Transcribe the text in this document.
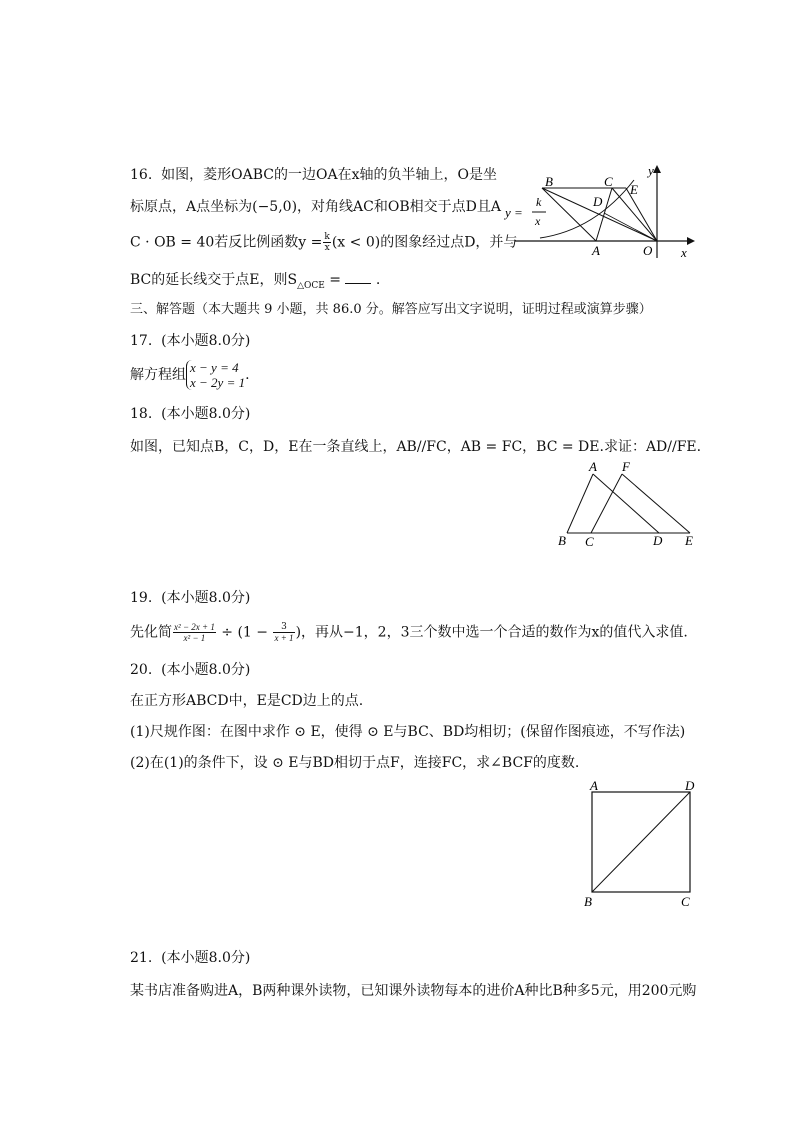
16. 如图，菱形OABC的一边OA在x轴的负半轴上，O是坐
标原点，A点坐标为(−5,0)，对角线AC和OB相交于点D且A
C · OB = 40若反比例函数$y = \frac{k}{x} (x < 0)$的图象经过点D，并与
BC的延长线交于点E，则$S_{\triangle OCE}$ =  .
B	C
E
D
A	O x
y
y =
k
x
三、解答题（本大题共 9 小题，共 86.0 分。解答应写出文字说明，证明过程或演算步骤）
17. (本小题8.0分)
解方程组 x − y = 4
x − 2y = 1 .
18. (本小题8.0分)
如图，已知点B，C，D，E在一条直线上，AB//FC，AB = FC，BC = DE.求证：AD//FE.
A F
B C	D E
19. (本小题8.0分)
先化简 $\frac{\text{x² − 2x + 1}}{\text{x² − 1}} \div (1 - \frac{3}{x + 1}$ )，再从−1，2，3三个数中选一个合适的数作为x的值代入求值.
20. (本小题8.0分)
在正方形ABCD中，E是CD边上的点.
(1)尺规作图：在图中求作 ⊙ E，使得 ⊙ E与BC、BD均相切；(保留作图痕迹，不写作法)
(2)在(1)的条件下，设 ⊙ E与BD相切于点F，连接FC，求∠BCF的度数.
A	D
B	C
21. (本小题8.0分)
某书店准备购进A，B两种课外读物，已知课外读物每本的进价A种比B种多5元，用200元购
